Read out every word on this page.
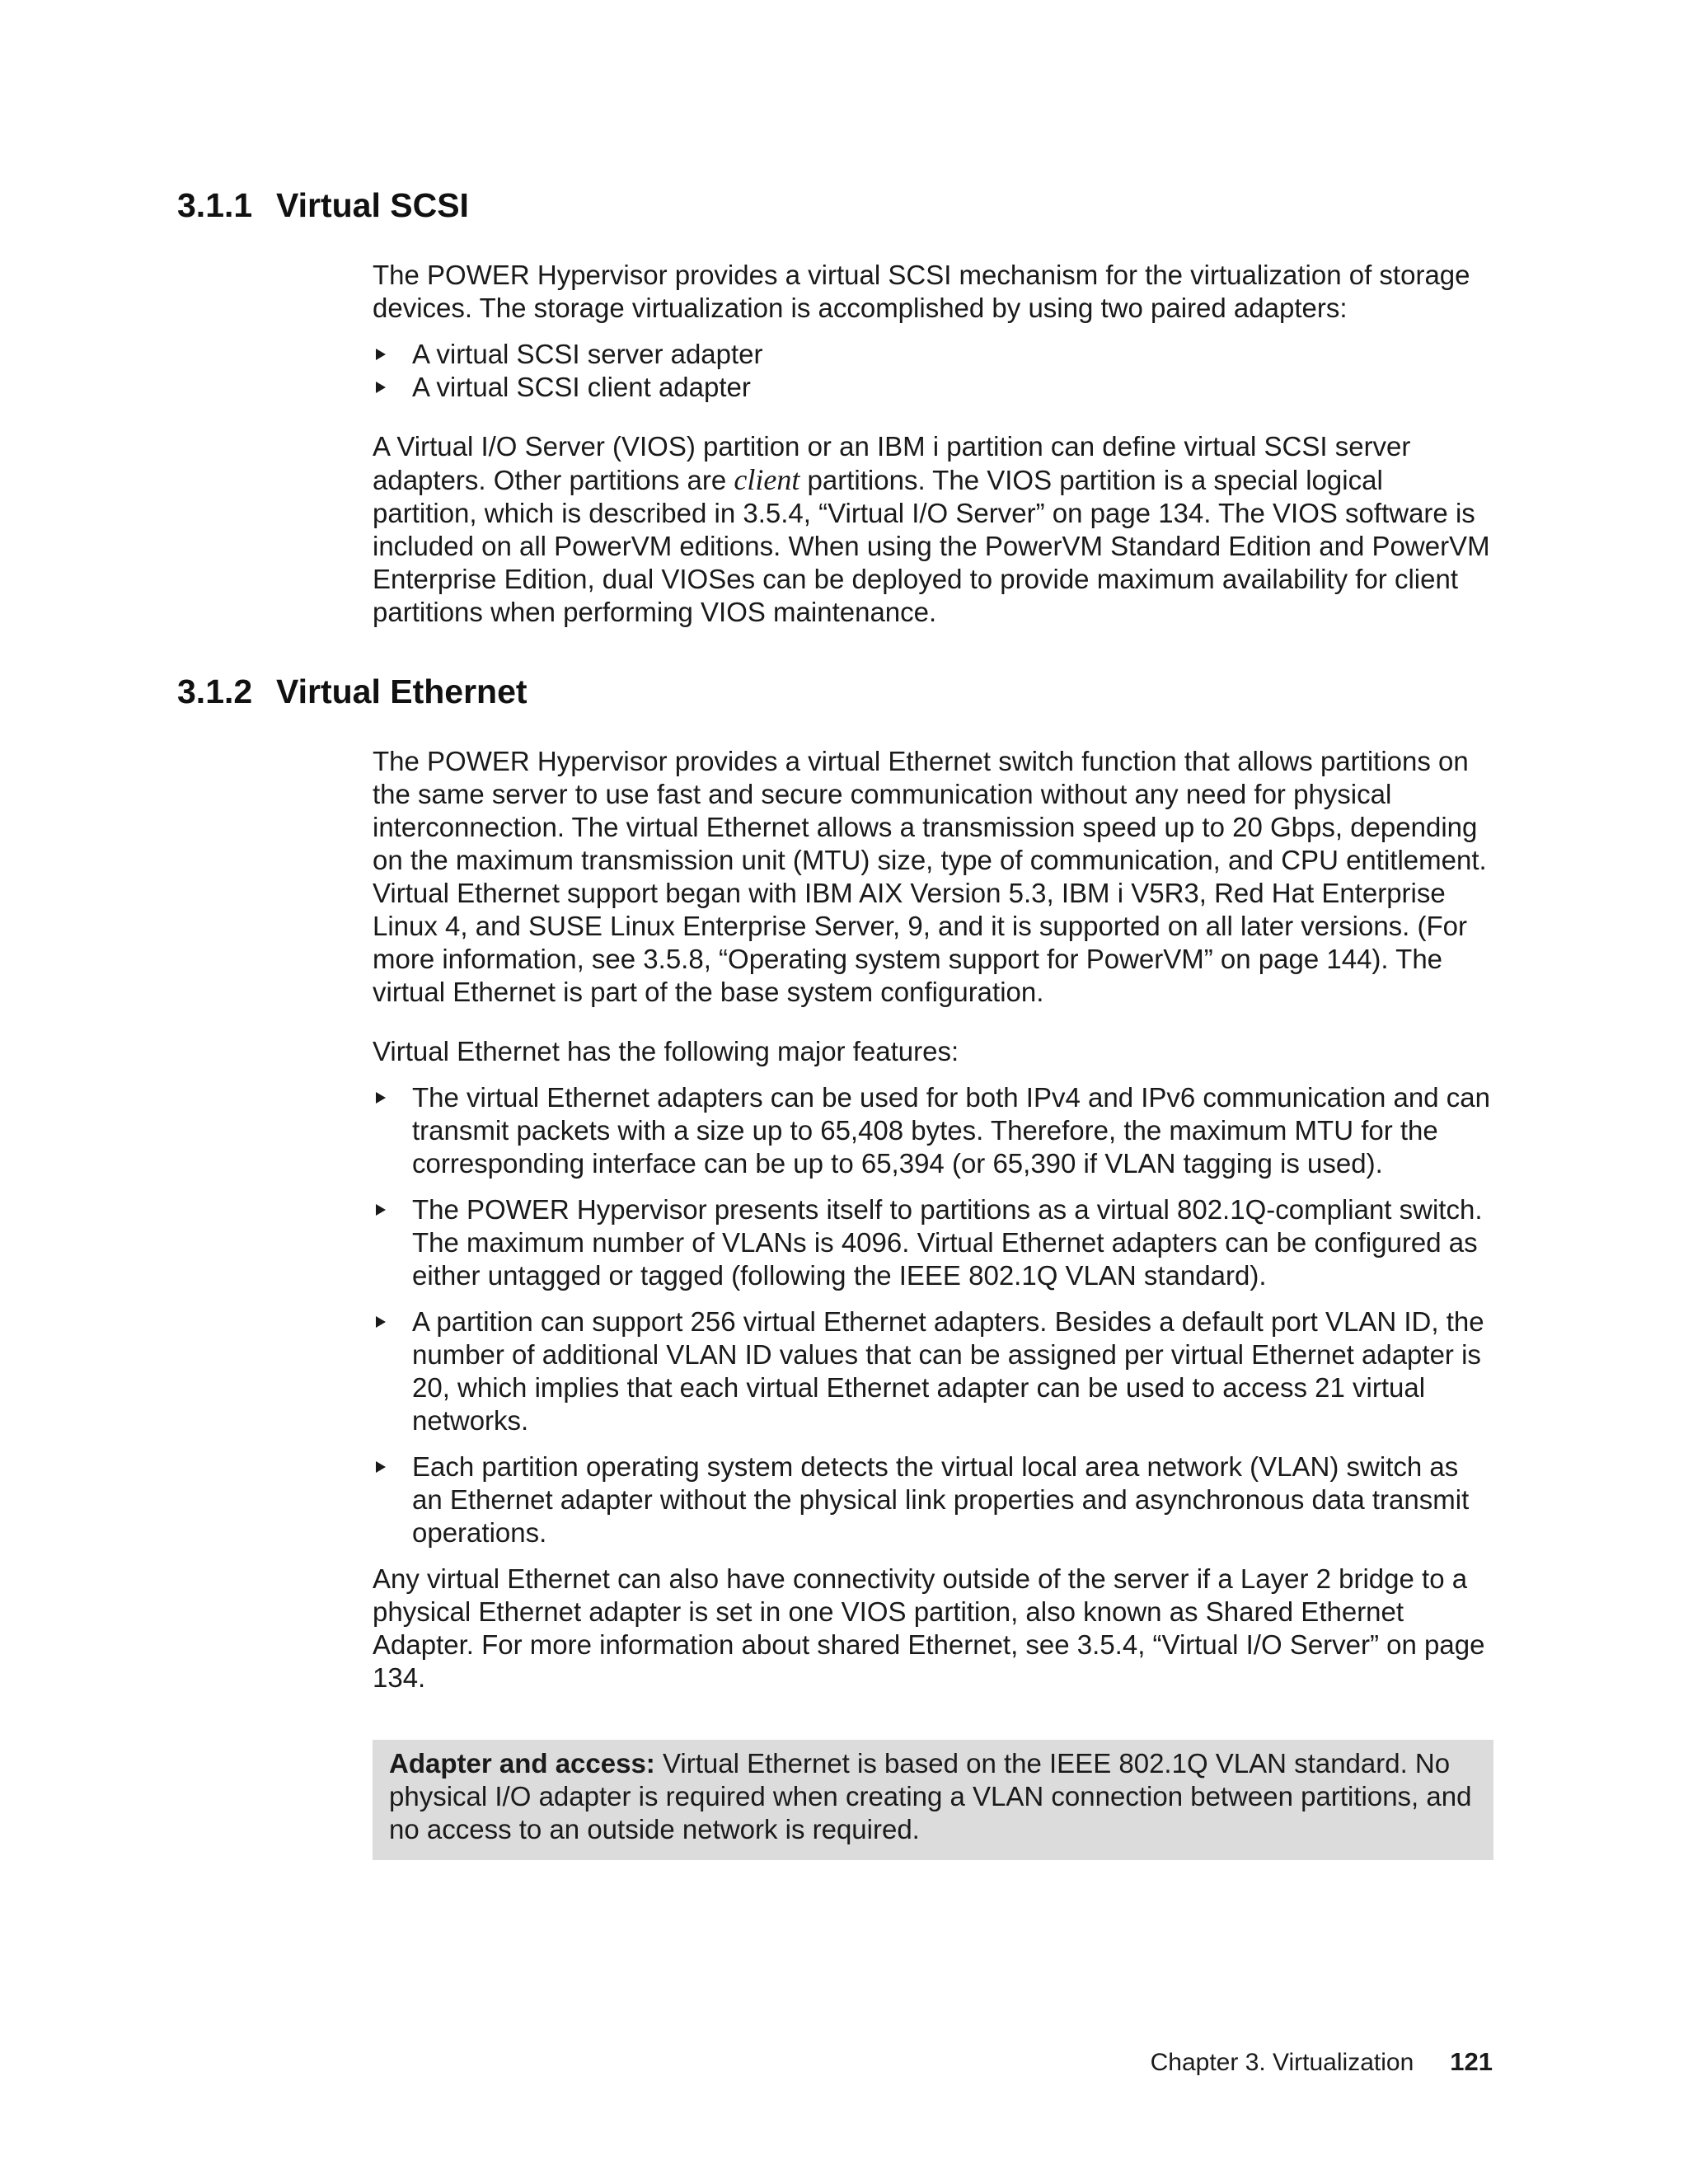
3.1.1 Virtual SCSI

The POWER Hypervisor provides a virtual SCSI mechanism for the virtualization of storage devices. The storage virtualization is accomplished by using two paired adapters:

A virtual SCSI server adapter
A virtual SCSI client adapter

A Virtual I/O Server (VIOS) partition or an IBM i partition can define virtual SCSI server adapters. Other partitions are client partitions. The VIOS partition is a special logical partition, which is described in 3.5.4, “Virtual I/O Server” on page 134. The VIOS software is included on all PowerVM editions. When using the PowerVM Standard Edition and PowerVM Enterprise Edition, dual VIOSes can be deployed to provide maximum availability for client partitions when performing VIOS maintenance.

3.1.2 Virtual Ethernet

The POWER Hypervisor provides a virtual Ethernet switch function that allows partitions on the same server to use fast and secure communication without any need for physical interconnection. The virtual Ethernet allows a transmission speed up to 20 Gbps, depending on the maximum transmission unit (MTU) size, type of communication, and CPU entitlement. Virtual Ethernet support began with IBM AIX Version 5.3, IBM i V5R3, Red Hat Enterprise Linux 4, and SUSE Linux Enterprise Server, 9, and it is supported on all later versions. (For more information, see 3.5.8, “Operating system support for PowerVM” on page 144). The virtual Ethernet is part of the base system configuration.

Virtual Ethernet has the following major features:

The virtual Ethernet adapters can be used for both IPv4 and IPv6 communication and can transmit packets with a size up to 65,408 bytes. Therefore, the maximum MTU for the corresponding interface can be up to 65,394 (or 65,390 if VLAN tagging is used).
The POWER Hypervisor presents itself to partitions as a virtual 802.1Q-compliant switch. The maximum number of VLANs is 4096. Virtual Ethernet adapters can be configured as either untagged or tagged (following the IEEE 802.1Q VLAN standard).
A partition can support 256 virtual Ethernet adapters. Besides a default port VLAN ID, the number of additional VLAN ID values that can be assigned per virtual Ethernet adapter is 20, which implies that each virtual Ethernet adapter can be used to access 21 virtual networks.
Each partition operating system detects the virtual local area network (VLAN) switch as an Ethernet adapter without the physical link properties and asynchronous data transmit operations.

Any virtual Ethernet can also have connectivity outside of the server if a Layer 2 bridge to a physical Ethernet adapter is set in one VIOS partition, also known as Shared Ethernet Adapter. For more information about shared Ethernet, see 3.5.4, “Virtual I/O Server” on page 134.

Adapter and access: Virtual Ethernet is based on the IEEE 802.1Q VLAN standard. No physical I/O adapter is required when creating a VLAN connection between partitions, and no access to an outside network is required.

Chapter 3. Virtualization 121
